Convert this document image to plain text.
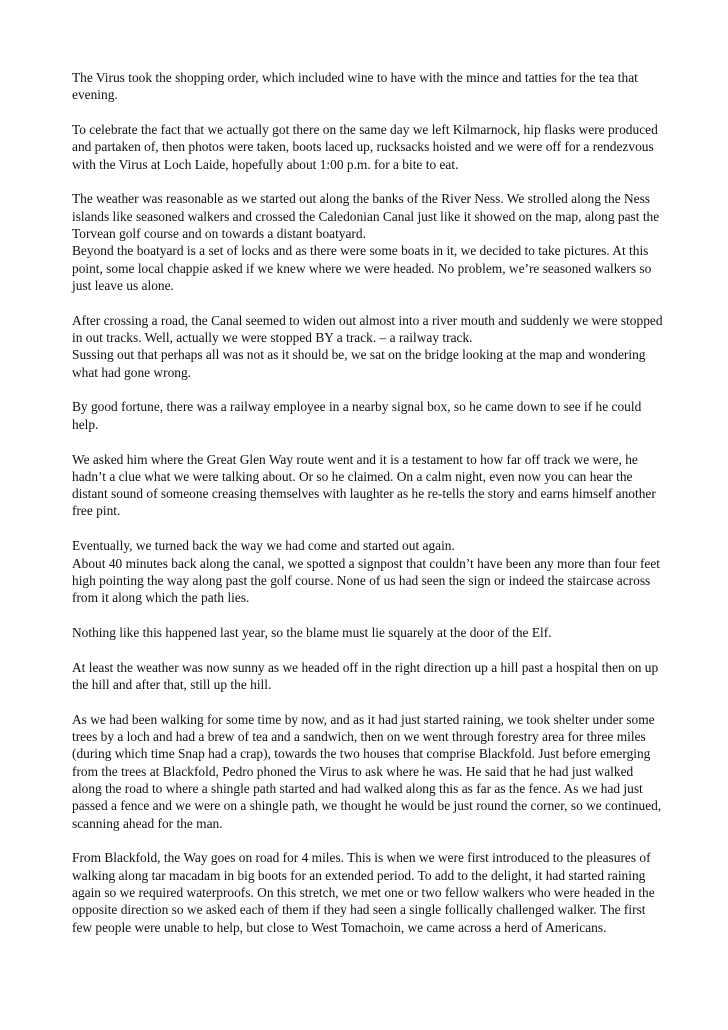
The Virus took the shopping order, which included wine to have with the mince and tatties for the tea that evening.

To celebrate the fact that we actually got there on the same day we left Kilmarnock, hip flasks were produced and partaken of, then photos were taken, boots laced up, rucksacks hoisted and we were off for a rendezvous with the Virus at Loch Laide, hopefully about 1:00 p.m. for a bite to eat.

The weather was reasonable as we started out along the banks of the River Ness. We strolled along the Ness islands like seasoned walkers and crossed the Caledonian Canal just like it showed on the map, along past the Torvean golf course and on towards a distant boatyard.

Beyond the boatyard is a set of locks and as there were some boats in it, we decided to take pictures. At this point, some local chappie asked if we knew where we were headed. No problem, we’re seasoned walkers so just leave us alone.

After crossing a road, the Canal seemed to widen out almost into a river mouth and suddenly we were stopped in out tracks. Well, actually we were stopped BY a track. – a railway track.

Sussing out that perhaps all was not as it should be, we sat on the bridge looking at the map and wondering what had gone wrong.

By good fortune, there was a railway employee in a nearby signal box, so he came down to see if he could help.

We asked him where the Great Glen Way route went and it is a testament to how far off track we were, he hadn’t a clue what we were talking about. Or so he claimed. On a calm night, even now you can hear the distant sound of someone creasing themselves with laughter as he re-tells the story and earns himself another free pint.

Eventually, we turned back the way we had come and started out again.

About 40 minutes back along the canal, we spotted a signpost that couldn’t have been any more than four feet high pointing the way along past the golf course. None of us had seen the sign or indeed the staircase across from it along which the path lies.

Nothing like this happened last year, so the blame must lie squarely at the door of the Elf.

At least the weather was now sunny as we headed off in the right direction up a hill past a hospital then on up the hill and after that, still up the hill.

As we had been walking for some time by now, and as it had just started raining, we took shelter under some trees by a loch and had a brew of tea and a sandwich, then on we went through forestry area for three miles (during which time Snap had a crap), towards the two houses that comprise Blackfold. Just before emerging from the trees at Blackfold, Pedro phoned the Virus to ask where he was. He said that he had just walked along the road to where a shingle path started and had walked along this as far as the fence. As we had just passed a fence and we were on a shingle path, we thought he would be just round the corner, so we continued, scanning ahead for the man.

From Blackfold, the Way goes on road for 4 miles. This is when we were first introduced to the pleasures of walking along tar macadam in big boots for an extended period. To add to the delight, it had started raining again so we required waterproofs. On this stretch, we met one or two fellow walkers who were headed in the opposite direction so we asked each of them if they had seen a single follically challenged walker. The first few people were unable to help, but close to West Tomachoin, we came across a herd of Americans.
